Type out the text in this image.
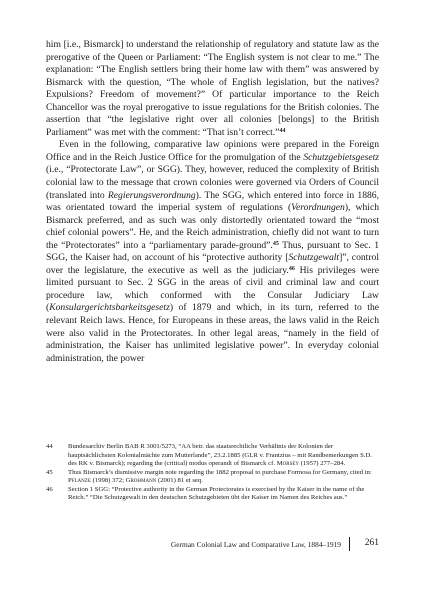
him [i.e., Bismarck] to understand the relationship of regulatory and statute law as the prerogative of the Queen or Parliament: “The English system is not clear to me.” The explanation: “The English settlers bring their home law with them” was answered by Bismarck with the question, “The whole of English legislation, but the natives? Expulsions? Freedom of movement?” Of particular importance to the Reich Chancellor was the royal prerogative to issue regulations for the British colonies. The assertion that “the legislative right over all colonies [belongs] to the British Parliament” was met with the comment: “That isn’t correct.”$^{44}$

Even in the following, comparative law opinions were prepared in the Foreign Office and in the Reich Justice Office for the promulgation of the Schutzgebietsgesetz (i.e., “Protectorate Law”, or SGG). They, however, reduced the complexity of British colonial law to the message that crown colonies were governed via Orders of Council (translated into Regierungsverordnung). The SGG, which entered into force in 1886, was orientated toward the imperial system of regulations (Verordnungen), which Bismarck preferred, and as such was only distortedly orientated toward the “most chief colonial powers”. He, and the Reich administration, chiefly did not want to turn the “Protectorates” into a “parliamentary parade-ground”.$^{45}$ Thus, pursuant to Sec. 1 SGG, the Kaiser had, on account of his “protective authority [Schutzgewalt]”, control over the legislature, the executive as well as the judiciary.$^{46}$ His privileges were limited pursuant to Sec. 2 SGG in the areas of civil and criminal law and court procedure law, which conformed with the Consular Judiciary Law (Konsulargerichtsbarkeitsgesetz) of 1879 and which, in its turn, referred to the relevant Reich laws. Hence, for Europeans in these areas, the laws valid in the Reich were also valid in the Protectorates. In other legal areas, “namely in the field of administration, the Kaiser has unlimited legislative power”. In everyday colonial administration, the power

44	Bundesarchiv Berlin BAB R 3001/5273, “AA betr. das staatsrechtliche Verhältnis der Kolonien der hauptsächlichsten Kolonialmächte zum Mutterlande”, 23.2.1885 (GLR v. Frantzius – mit Randbemerkungen S.D. des RK v. Bismarck); regarding the (critical) modus operandi of Bismarck cf. Morsey (1957) 277–284.
45	Thus Bismarck’s dismissive margin note regarding the 1882 proposal to purchase Formosa for Germany, cited in: Pflanze (1998) 372; Grohmann (2001) 81 et seq.
46	Section 1 SGG: “Protective authority in the German Protectorates is exercised by the Kaiser in the name of the Reich.” “Die Schutzgewalt in den deutschen Schutzgebieten übt der Kaiser im Namen des Reiches aus.”
German Colonial Law and Comparative Law, 1884–1919	261
